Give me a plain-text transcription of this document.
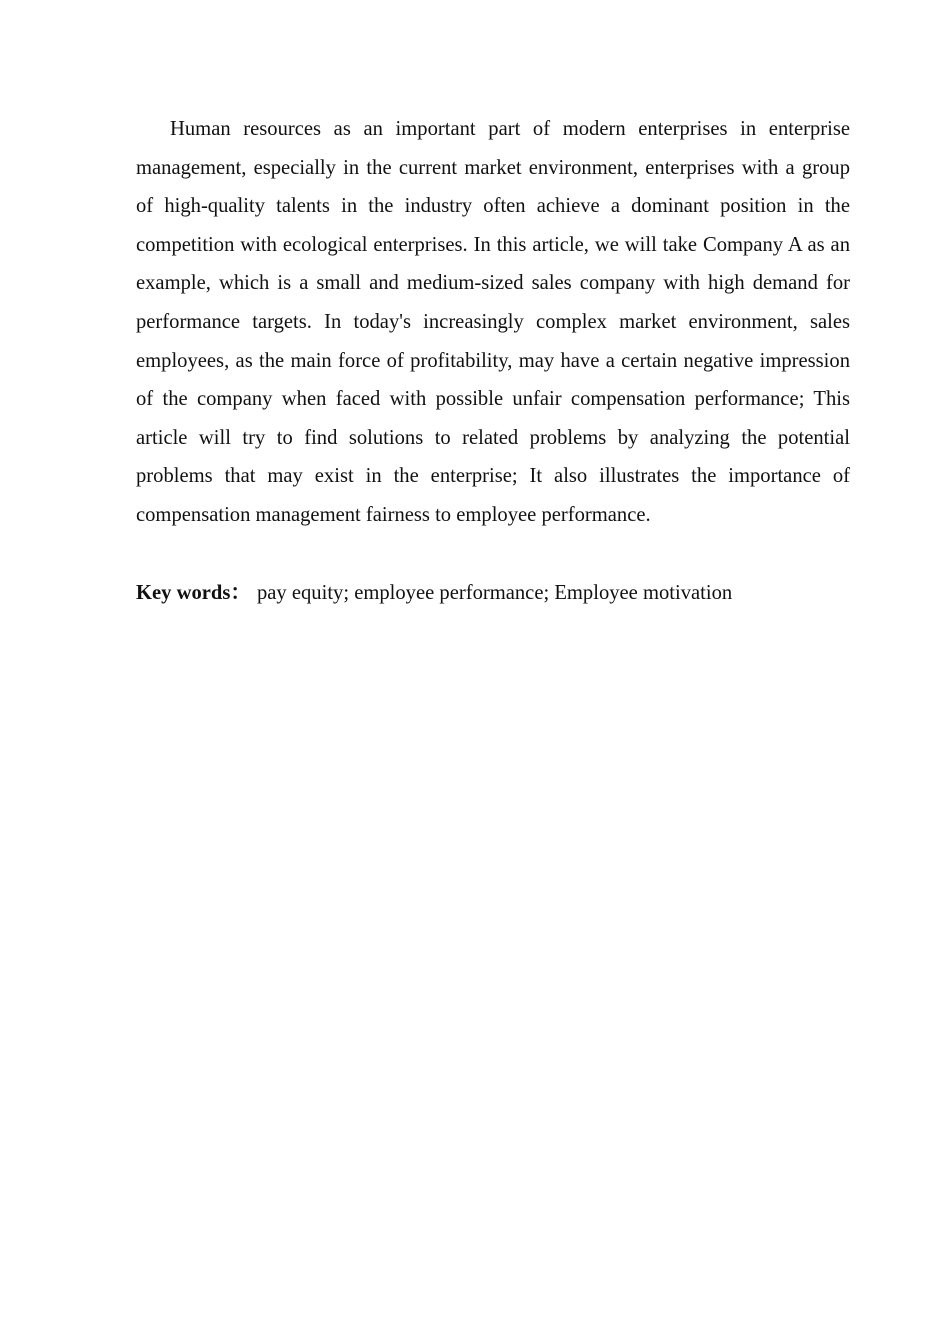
Human resources as an important part of modern enterprises in enterprise management, especially in the current market environment, enterprises with a group of high-quality talents in the industry often achieve a dominant position in the competition with ecological enterprises. In this article, we will take Company A as an example, which is a small and medium-sized sales company with high demand for performance targets. In today's increasingly complex market environment, sales employees, as the main force of profitability, may have a certain negative impression of the company when faced with possible unfair compensation performance; This article will try to find solutions to related problems by analyzing the potential problems that may exist in the enterprise; It also illustrates the importance of compensation management fairness to employee performance.

Key words： pay equity; employee performance; Employee motivation
